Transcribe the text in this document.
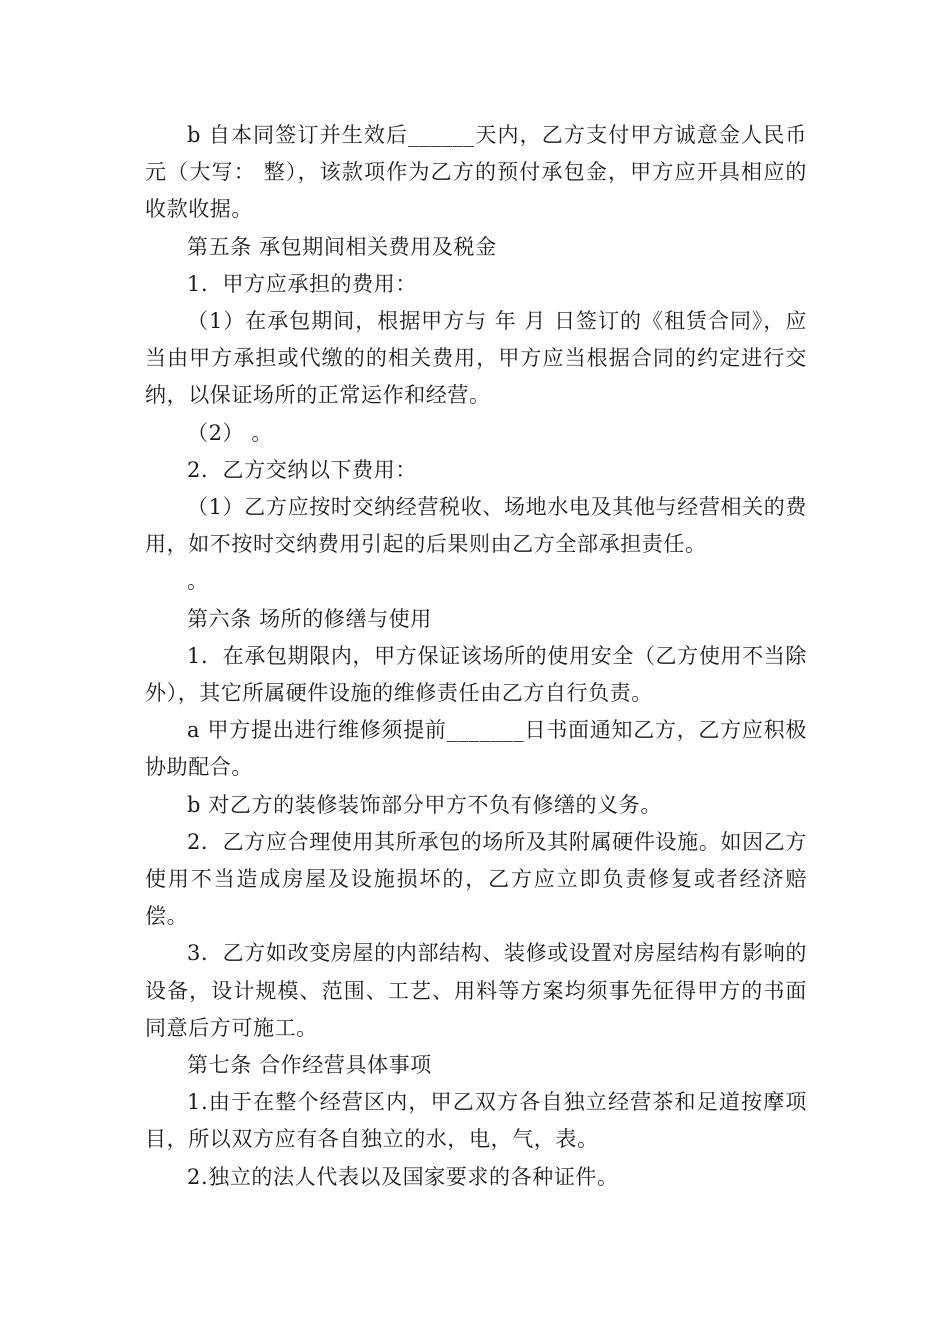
b 自本同签订并生效后______天内，乙方支付甲方诚意金人民币 元（大写： 整），该款项作为乙方的预付承包金，甲方应开具相应的收款收据。

第五条 承包期间相关费用及税金

1．甲方应承担的费用：

（1）在承包期间，根据甲方与 年 月 日签订的《租赁合同》，应当由甲方承担或代缴的的相关费用，甲方应当根据合同的约定进行交纳，以保证场所的正常运作和经营。

（2） 。

2．乙方交纳以下费用：

（1）乙方应按时交纳经营税收、场地水电及其他与经营相关的费用，如不按时交纳费用引起的后果则由乙方全部承担责任。

。

第六条 场所的修缮与使用

1．在承包期限内，甲方保证该场所的使用安全（乙方使用不当除外），其它所属硬件设施的维修责任由乙方自行负责。

a 甲方提出进行维修须提前_______日书面通知乙方，乙方应积极协助配合。

b 对乙方的装修装饰部分甲方不负有修缮的义务。

2．乙方应合理使用其所承包的场所及其附属硬件设施。如因乙方使用不当造成房屋及设施损坏的，乙方应立即负责修复或者经济赔偿。

3．乙方如改变房屋的内部结构、装修或设置对房屋结构有影响的设备，设计规模、范围、工艺、用料等方案均须事先征得甲方的书面同意后方可施工。

第七条 合作经营具体事项

1.由于在整个经营区内，甲乙双方各自独立经营茶和足道按摩项目，所以双方应有各自独立的水，电，气，表。

2.独立的法人代表以及国家要求的各种证件。
